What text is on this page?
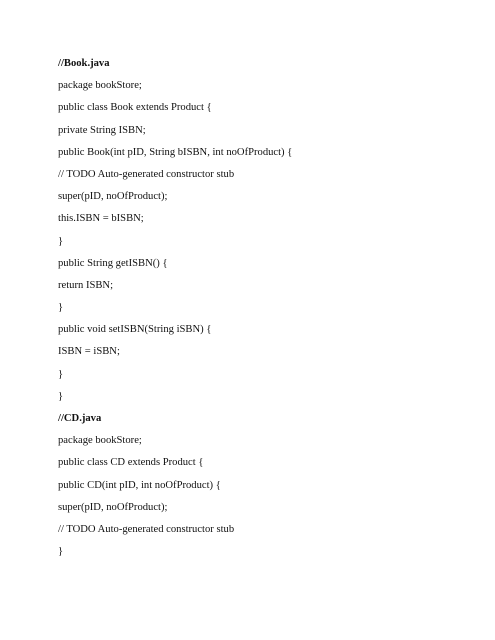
//Book.java
package bookStore;
public class Book extends Product {
private String ISBN;
public Book(int pID, String bISBN, int noOfProduct) {
// TODO Auto-generated constructor stub
super(pID, noOfProduct);
this.ISBN = bISBN;
}
public String getISBN() {
return ISBN;
}
public void setISBN(String iSBN) {
ISBN = iSBN;
}
}
//CD.java
package bookStore;
public class CD extends Product {
public CD(int pID, int noOfProduct) {
super(pID, noOfProduct);
// TODO Auto-generated constructor stub
}
